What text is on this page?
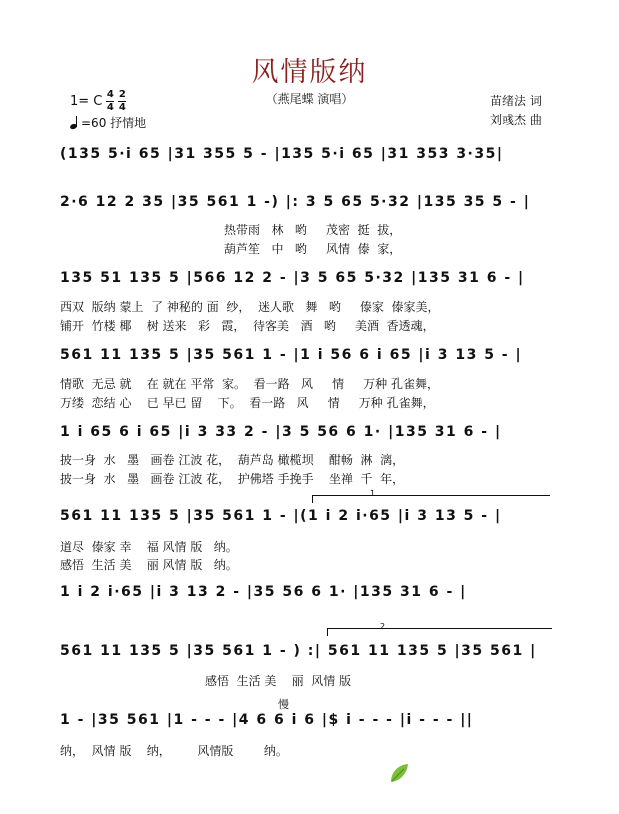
风情版纳
（燕尾蝶 演唱）
1= C $\frac{4}{4} \frac{2}{4}$
=60 抒情地
苗绪法 词
刘彧杰 曲
(135 5·i 65 |31 355 5 - |135 5·i 65 |31 353 3·35|
2·6 12 2 35 |35 561 1 -) |: 3 5 65 5·32 |135 35 5 - |
热带雨   林   哟     茂密  挺  拔，
葫芦笙   中   哟     风情  傣  家，
135 51 135 5 |566 12 2 - |3 5 65 5·32 |135 31 6 - |
西双  版纳 蒙上  了 神秘的 面  纱，  迷人歌   舞   哟     傣家  傣家美，
铺开  竹楼 椰    树 送来   彩   霞，  待客美   酒   哟     美酒  香透魂，
561 11 135 5 |35 561 1 - |1 i 56 6 i 65 |i 3 13 5 - |
情歌  无忌 就    在 就在 平常  家。  看一路   风     情     万种 孔雀舞，
万缕  恋结 心    已 早已 留    下。  看一路   风     情     万种 孔雀舞，
1 i 65 6 i 65 |i 3 33 2 - |3 5 56 6 1· |135 31 6 - |
披一身  水   墨   画卷 江波 花，  葫芦岛 橄榄坝    酣畅  淋  漓，
披一身  水   墨   画卷 江波 花，  护佛塔 手挽手    坐禅  千  年，
1
561 11 135 5 |35 561 1 - |(1 i 2 i·65 |i 3 13 5 - |
道尽  傣家 幸    福 风情 版   纳。
感悟  生活 美    丽 风情 版   纳。
1 i 2 i·65 |i 3 13 2 - |35 56 6 1· |135 31 6 - |
2
561 11 135 5 |35 561 1 - ) :| 561 11 135 5 |35 561 |
感悟  生活 美    丽  风情 版
慢
1 - |35 561 |1 - - - |4 6 6 i 6 |$ i - - - |i - - - ||
纳，  风情 版    纳，       风情版        纳。
